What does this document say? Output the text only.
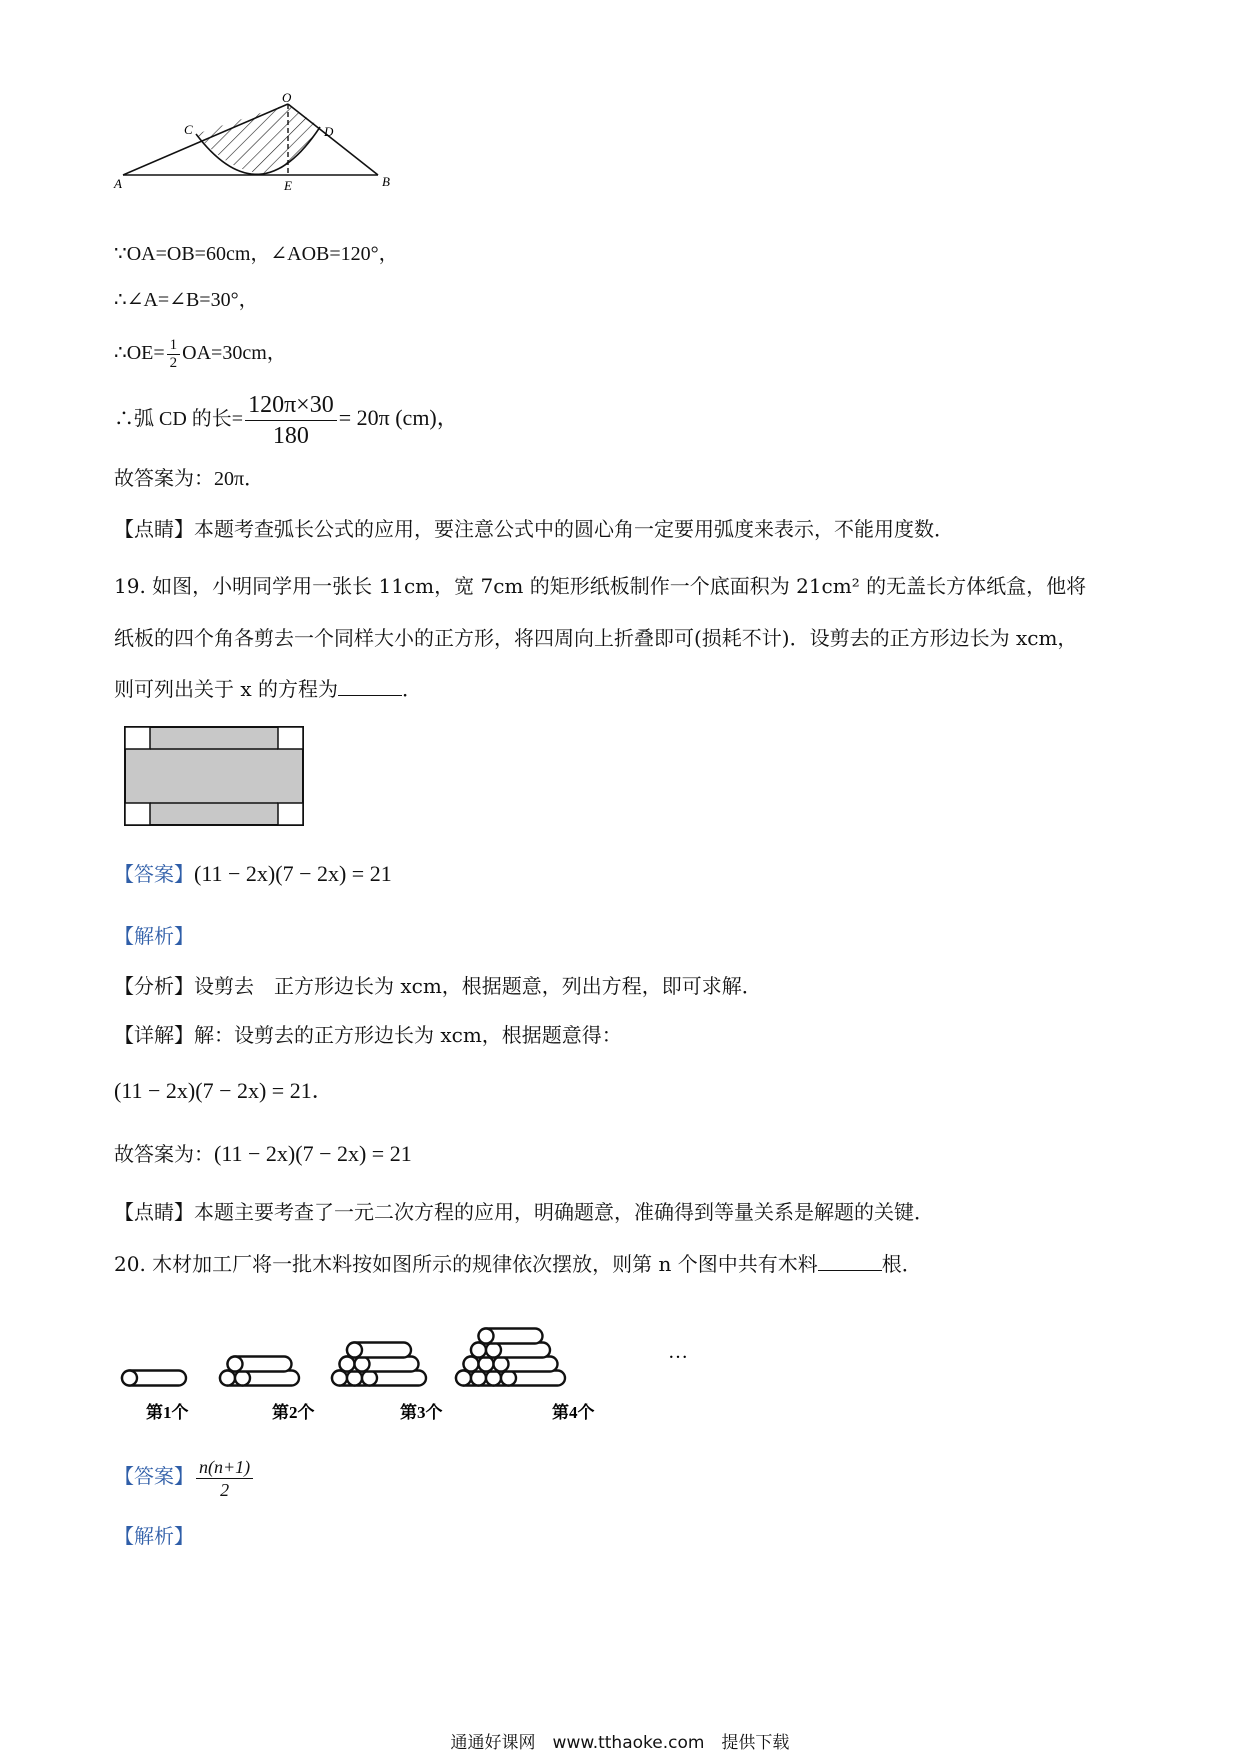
O
C	D
A	E	B
∵OA=OB=60cm，∠AOB=120°，
∴∠A=∠B=30°，
∴OE= $\frac{1}{2} OA=30cm$，
∴弧 CD 的长= $\frac{120\pi\times 30}{180} = 20\pi$ (cm)，
故答案为：20π．
【点睛】本题考查弧长公式的应用，要注意公式中的圆心角一定要用弧度来表示，不能用度数．
19. 如图，小明同学用一张长 11cm，宽 7cm 的矩形纸板制作一个底面积为 21cm² 的无盖长方体纸盒，他将
纸板的四个角各剪去一个同样大小的正方形，将四周向上折叠即可(损耗不计)．设剪去的正方形边长为 xcm，
则可列出关于 x 的方程为	．
【答案】(11 − 2x)(7 − 2x) = 21
【解析】
【分析】设剪去　正方形边长为 xcm，根据题意，列出方程，即可求解．
【详解】解：设剪去的正方形边长为 xcm，根据题意得：
(11 − 2x)(7 − 2x) = 21．
故答案为：(11 − 2x)(7 − 2x) = 21
【点睛】本题主要考查了一元二次方程的应用，明确题意，准确得到等量关系是解题的关键．
20. 木材加工厂将一批木料按如图所示的规律依次摆放，则第 n 个图中共有木料	根．
…
第1个	第2个	第3个	第4个
【答案】 $\frac{n(n+1)}{2}$
【解析】
通通好课网　www.tthaoke.com　提供下载
